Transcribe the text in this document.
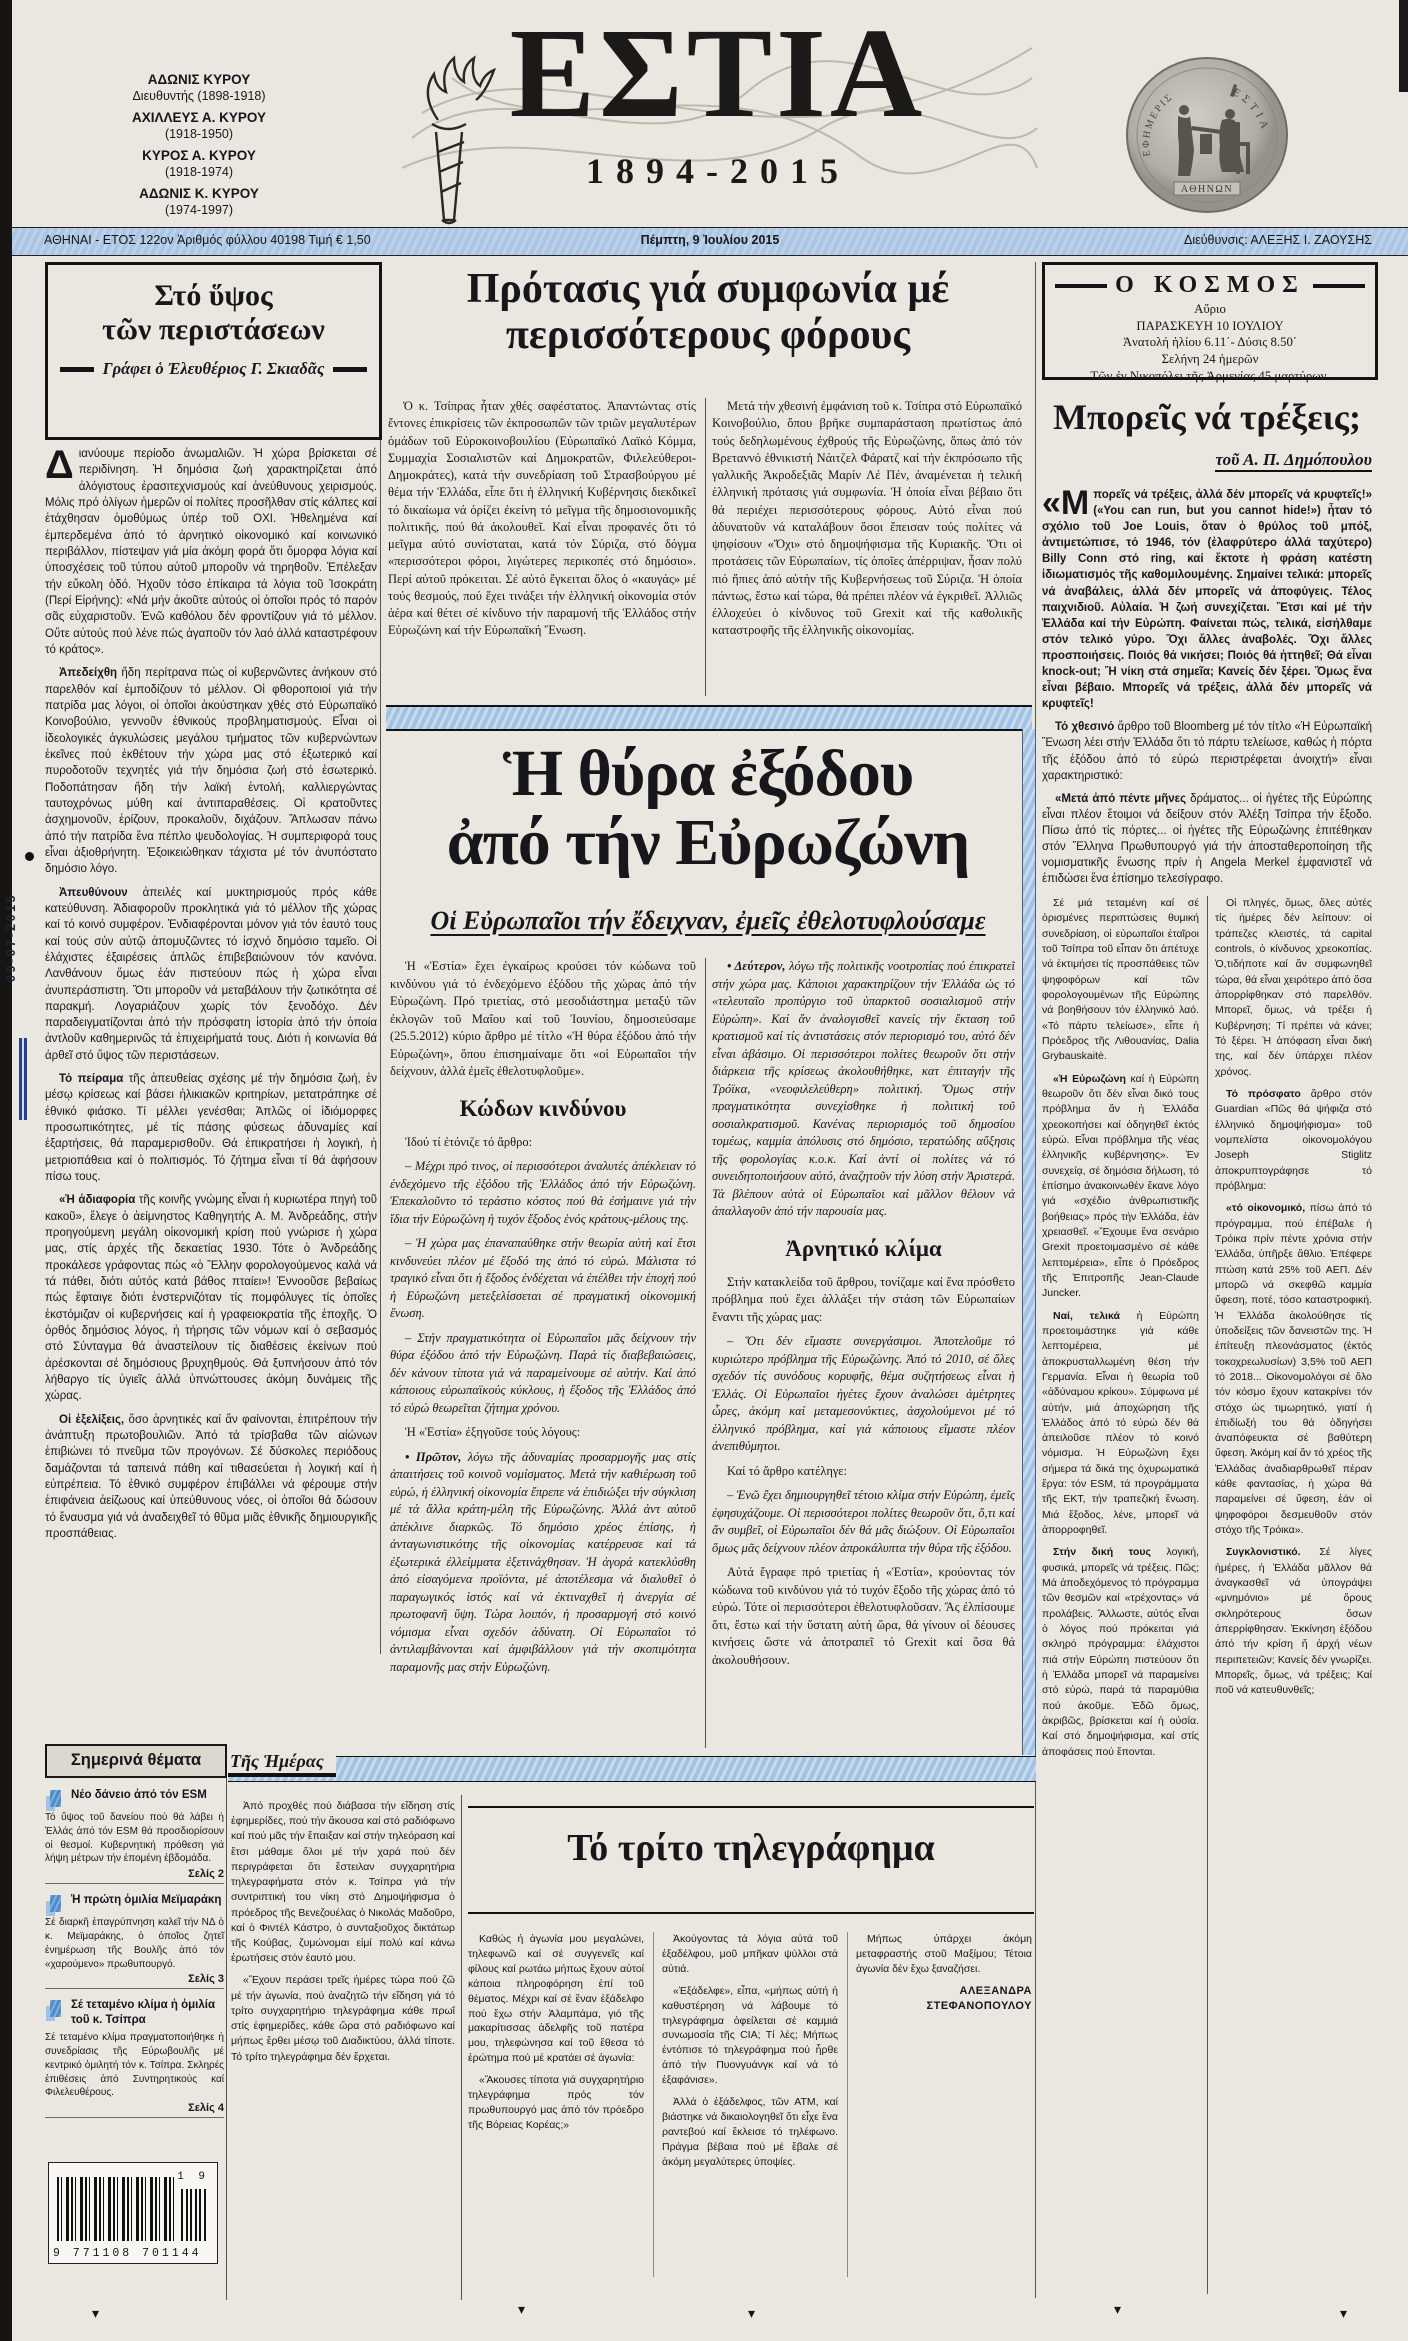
ΑΔΩΝΙΣ ΚΥΡΟΥ
Διευθυντής (1898-1918)
ΑΧΙΛΛΕΥΣ Α. ΚΥΡΟΥ
(1918-1950)
ΚΥΡΟΣ Α. ΚΥΡΟΥ
(1918-1974)
ΑΔΩΝΙΣ Κ. ΚΥΡΟΥ
(1974-1997)
ΕΣΤΙΑ
1894-2015	ΑΘΗΝΩΝ
ΕΦΗΜΕΡΙΣ	ΕΣΤΙΑ
ΑΘΗΝΑΙ - ΕΤΟΣ 122ον Ἀριθμός φύλλου 40198 Τιμή € 1,50	Πέμπτη, 9 Ἰουλίου 2015	Διεύθυνσις: ΑΛΕΞΗΣ Ι. ΖΑΟΥΣΗΣ
Στό ὕψος
τῶν περιστάσεων
Γράφει ὁ Ἐλευθέριος Γ. Σκιαδᾶς

Διανύουμε περίοδο ἀνωμαλιῶν. Ἡ χώρα βρίσκεται σέ περιδίνηση. Ἡ δημόσια ζωή χαρακτηρίζεται ἀπό ἀλόγιστους ἐρασιτεχνισμούς καί ἀνεύθυνους χειρισμούς. Μόλις πρό ὀλίγων ἡμερῶν οἱ πολίτες προσῆλθαν στίς κάλπες καί ἐτάχθησαν ὁμοθύμως ὑπέρ τοῦ ΟΧΙ. Ἠθελημένα καί ἐμπερδεμένα ἀπό τό ἀρνητικό οἰκονομικό καί κοινωνικό περιβάλλον, πίστεψαν γιά μία ἀκόμη φορά ὅτι ὄμορφα λόγια καί ὑποσχέσεις τοῦ τύπου αὐτοῦ μποροῦν νά τηρηθοῦν. Ἐπέλεξαν τήν εὔκολη ὁδό. Ἠχοῦν τόσο ἐπίκαιρα τά λόγια τοῦ Ἰσοκράτη (Περί Εἰρήνης): «Νά μήν ἀκοῦτε αὐτούς οἱ ὁποῖοι πρός τό παρόν σᾶς εὐχαριστοῦν. Ἐνῶ καθόλου δέν φροντίζουν γιά τό μέλλον. Οὔτε αὐτούς πού λένε πώς ἀγαποῦν τόν λαό ἀλλά καταστρέφουν τό κράτος».

Ἀπεδείχθη ἤδη περίτρανα πώς οἱ κυβερνῶντες ἀνήκουν στό παρελθόν καί ἐμποδίζουν τό μέλλον. Οἱ φθοροποιοί γιά τήν πατρίδα μας λόγοι, οἱ ὁποῖοι ἀκούστηκαν χθές στό Εὐρωπαϊκό Κοινοβούλιο, γεννοῦν ἐθνικούς προβληματισμούς. Εἶναι οἱ ἰδεολογικές ἀγκυλώσεις μεγάλου τμήματος τῶν κυβερνώντων ἐκεῖνες πού ἐκθέτουν τήν χώρα μας στό ἐξωτερικό καί πυροδοτοῦν τεχνητές γιά τήν δημόσια ζωή στό ἐσωτερικό. Ποδοπάτησαν ἤδη τήν λαϊκή ἐντολή, καλλιεργώντας ταυτοχρόνως μύθη καί ἀντιπαραθέσεις. Οἱ κρατοῦντες ἀσχημονοῦν, ἐρίζουν, προκαλοῦν, διχάζουν. Ἅπλωσαν πάνω ἀπό τήν πατρίδα ἕνα πέπλο ψευδολογίας. Ἡ συμπεριφορά τους εἶναι ἀξιοθρήνητη. Ἐξοικειώθηκαν τάχιστα μέ τόν ἀνυπόστατο δημόσιο λόγο.

Ἀπευθύνουν ἀπειλές καί μυκτηρισμούς πρός κάθε κατεύθυνση. Ἀδιαφοροῦν προκλητικά γιά τό μέλλον τῆς χώρας καί τό κοινό συμφέρον. Ἐνδιαφέρονται μόνον γιά τόν ἑαυτό τους καί τούς σύν αὐτῷ ἀπομυζῶντες τό ἰσχνό δημόσιο ταμεῖο. Οἱ ἐλάχιστες ἐξαιρέσεις ἁπλῶς ἐπιβεβαιώνουν τόν κανόνα. Λανθάνουν ὅμως ἐάν πιστεύουν πώς ἡ χώρα εἶναι ἀνυπεράσπιστη. Ὅτι μποροῦν νά μεταβάλουν τήν ζωτικότητα σέ παρακμή. Λογαριάζουν χωρίς τόν ξενοδόχο. Δέν παραδειγματίζονται ἀπό τήν πρόσφατη ἱστορία ἀπό τήν ὁποία ἀντλοῦν καθημερινῶς τά ἐπιχειρήματά τους. Διότι ἡ κοινωνία θά ἀρθεῖ στό ὕψος τῶν περιστάσεων.

Τό πείραμα τῆς ἀπευθείας σχέσης μέ τήν δημόσια ζωή, ἐν μέσῳ κρίσεως καί βάσει ἡλικιακῶν κριτηρίων, μετατράπηκε σέ ἐθνικό φιάσκο. Τί μέλλει γενέσθαι; Ἁπλῶς οἱ ἰδιόμορφες προσωπικότητες, μέ τίς πάσης φύσεως ἀδυναμίες καί ἐξαρτήσεις, θά παραμερισθοῦν. Θά ἐπικρατήσει ἡ λογική, ἡ μετριοπάθεια καί ὁ πολιτισμός. Τό ζήτημα εἶναι τί θά ἀφήσουν πίσω τους.

«Ἡ ἀδιαφορία τῆς κοινῆς γνώμης εἶναι ἡ κυριωτέρα πηγή τοῦ κακοῦ», ἔλεγε ὁ ἀείμνηστος Καθηγητής Α. Μ. Ἀνδρεάδης, στήν προηγούμενη μεγάλη οἰκονομική κρίση πού γνώρισε ἡ χώρα μας, στίς ἀρχές τῆς δεκαετίας 1930. Τότε ὁ Ἀνδρεάδης προκάλεσε γράφοντας πώς «ὁ Ἕλλην φορολογούμενος καλά νά τά πάθει, διότι αὐτός κατά βάθος πταίει»! Ἐννοοῦσε βεβαίως πώς ἔφταιγε διότι ἐνστερνιζόταν τίς πομφόλυγες τίς ὁποῖες ἐκστόμιζαν οἱ κυβερνήσεις καί ἡ γραφειοκρατία τῆς ἐποχῆς. Ὁ ὀρθός δημόσιος λόγος, ἡ τήρησις τῶν νόμων καί ὁ σεβασμός στό Σύνταγμα θά ἀναστείλουν τίς διαθέσεις ἐκείνων πού ἀρέσκονται σέ δημόσιους βρυχηθμούς. Θά ξυπνήσουν ἀπό τόν λήθαργο τίς ὑγιεῖς ἀλλά ὑπνώττουσες ἀκόμη δυνάμεις τῆς χώρας.

Οἱ ἐξελίξεις, ὅσο ἀρνητικές καί ἄν φαίνονται, ἐπιτρέπουν τήν ἀνάπτυξη πρωτοβουλιῶν. Ἀπό τά τρίσβαθα τῶν αἰώνων ἐπιβιώνει τό πνεῦμα τῶν προγόνων. Σέ δύσκολες περιόδους δαμάζονται τά ταπεινά πάθη καί τιθασεύεται ἡ λογική καί ἡ εὐπρέπεια. Τό ἐθνικό συμφέρον ἐπιβάλλει νά φέρουμε στήν ἐπιφάνεια ἀείζωους καί ὑπεύθυνους νόες, οἱ ὁποῖοι θά δώσουν τό ἔναυσμα γιά νά ἀναδειχθεῖ τό θῦμα μιᾶς ἐθνικῆς δημιουργικῆς προσπάθειας.

09-07-2015
Πρότασις γιά συμφωνία μέ περισσότερους φόρους

Ὁ κ. Τσίπρας ἦταν χθές σαφέστατος. Ἀπαντώντας στίς ἔντονες ἐπικρίσεις τῶν ἐκπροσωπῶν τῶν τριῶν μεγαλυτέρων ὁμάδων τοῦ Εὐροκοινοβουλίου (Εὐρωπαϊκό Λαϊκό Κόμμα, Συμμαχία Σοσιαλιστῶν καί Δημοκρατῶν, Φιλελεύθεροι-Δημοκράτες), κατά τήν συνεδρίαση τοῦ Στρασβούργου μέ θέμα τήν Ἑλλάδα, εἶπε ὅτι ἡ ἑλληνική Κυβέρνησις διεκδικεῖ τό δικαίωμα νά ὁρίζει ἐκείνη τό μεῖγμα τῆς δημοσιονομικῆς πολιτικῆς, πού θά ἀκολουθεῖ. Καί εἶναι προφανές ὅτι τό μεῖγμα αὐτό συνίσταται, κατά τόν Σύριζα, στό δόγμα «περισσότεροι φόροι, λιγώτερες περικοπές στό δημόσιο». Περί αὐτοῦ πρόκειται. Σέ αὐτό ἔγκειται ὅλος ὁ «καυγάς» μέ τούς θεσμούς, πού ἔχει τινάξει τήν ἑλληνική οἰκονομία στόν ἀέρα καί θέτει σέ κίνδυνο τήν παραμονή τῆς Ἑλλάδος στήν Εὐρωζώνη καί τήν Εὐρωπαϊκή Ἕνωση.

Μετά τήν χθεσινή ἐμφάνιση τοῦ κ. Τσίπρα στό Εὐρωπαϊκό Κοινοβούλιο, ὅπου βρῆκε συμπαράσταση πρωτίστως ἀπό τούς δεδηλωμένους ἐχθρούς τῆς Εὐρωζώνης, ὅπως ἀπό τόν Βρεταννό ἐθνικιστή Νάιτζελ Φάρατζ καί τήν ἐκπρόσωπο τῆς γαλλικῆς Ἀκροδεξιᾶς Μαρίν Λέ Πέν, ἀναμένεται ἡ τελική ἑλληνική πρότασις γιά συμφωνία. Ἡ ὁποία εἶναι βέβαιο ὅτι θά περιέχει περισσότερους φόρους. Αὐτό εἶναι πού ἀδυνατοῦν νά καταλάβουν ὅσοι ἔπεισαν τούς πολίτες νά ψηφίσουν «Ὄχι» στό δημοψήφισμα τῆς Κυριακῆς. Ὅτι οἱ προτάσεις τῶν Εὐρωπαίων, τίς ὁποῖες ἀπέρριψαν, ἦσαν πολύ πιό ἤπιες ἀπό αὐτήν τῆς Κυβερνήσεως τοῦ Σύριζα. Ἡ ὁποία πάντως, ἔστω καί τώρα, θά πρέπει πλέον νά ἐγκριθεῖ. Ἀλλιῶς ἐλλοχεύει ὁ κίνδυνος τοῦ Grexit καί τῆς καθολικῆς καταστροφῆς τῆς ἑλληνικῆς οἰκονομίας.

Ἡ θύρα ἐξόδου
ἀπό τήν Εὐρωζώνη
Οἱ Εὐρωπαῖοι τήν ἔδειχναν, ἐμεῖς ἐθελοτυφλούσαμε

Ἡ «Ἑστία» ἔχει ἐγκαίρως κρούσει τόν κώδωνα τοῦ κινδύνου γιά τό ἐνδεχόμενο ἐξόδου τῆς χώρας ἀπό τήν Εὐρωζώνη. Πρό τριετίας, στό μεσοδιάστημα μεταξύ τῶν ἐκλογῶν τοῦ Μαΐου καί τοῦ Ἰουνίου, δημοσιεύσαμε (25.5.2012) κύριο ἄρθρο μέ τίτλο «Ἡ θύρα ἐξόδου ἀπό τήν Εὐρωζώνη», ὅπου ἐπισημαίναμε ὅτι «οἱ Εὐρωπαῖοι τήν δείχνουν, ἀλλά ἐμεῖς ἐθελοτυφλοῦμε».

Κώδων κινδύνου

Ἰδού τί ἐτόνιζε τό ἄρθρο:

– Μέχρι πρό τινος, οἱ περισσότεροι ἀναλυτές ἀπέκλειαν τό ἐνδεχόμενο τῆς ἐξόδου τῆς Ἑλλάδος ἀπό τήν Εὐρωζώνη. Ἐπεκαλοῦντο τό τεράστιο κόστος πού θά ἐσήμαινε γιά τήν ἴδια τήν Εὐρωζώνη ἡ τυχόν ἔξοδος ἑνός κράτους-μέλους της.

– Ἡ χώρα μας ἐπαναπαύθηκε στήν θεωρία αὐτή καί ἔτσι κινδυνεύει πλέον μέ ἔξοδό της ἀπό τό εὐρώ. Μάλιστα τό τραγικό εἶναι ὅτι ἡ ἔξοδος ἐνδέχεται νά ἐπέλθει τήν ἐποχή πού ἡ Εὐρωζώνη μετεξελίσσεται σέ πραγματική οἰκονομική ἕνωση.

– Στήν πραγματικότητα οἱ Εὐρωπαῖοι μᾶς δείχνουν τήν θύρα ἐξόδου ἀπό τήν Εὐρωζώνη. Παρά τίς διαβεβαιώσεις, δέν κάνουν τίποτα γιά νά παραμείνουμε σέ αὐτήν. Καί ἀπό κάποιους εὐρωπαϊκούς κύκλους, ἡ ἔξοδος τῆς Ἑλλάδος ἀπό τό εὐρώ θεωρεῖται ζήτημα χρόνου.

Ἡ «Ἑστία» ἐξηγοῦσε τούς λόγους:

• Πρῶτον, λόγω τῆς ἀδυναμίας προσαρμογῆς μας στίς ἀπαιτήσεις τοῦ κοινοῦ νομίσματος. Μετά τήν καθιέρωση τοῦ εὐρώ, ἡ ἑλληνική οἰκονομία ἔπρεπε νά ἐπιδιώξει τήν σύγκλιση μέ τά ἄλλα κράτη-μέλη τῆς Εὐρωζώνης. Ἀλλά ἀντ αὐτοῦ ἀπέκλινε διαρκῶς. Τό δημόσιο χρέος ἐπίσης, ἡ ἀνταγωνιστικότης τῆς οἰκονομίας κατέρρευσε καί τά ἐξωτερικά ἐλλείμματα ἐξετινάχθησαν. Ἡ ἀγορά κατεκλύσθη ἀπό εἰσαγόμενα προϊόντα, μέ ἀποτέλεσμα νά διαλυθεῖ ὁ παραγωγικός ἱστός καί νά ἐκτιναχθεῖ ἡ ἀνεργία σέ πρωτοφανῆ ὕψη. Τώρα λοιπόν, ἡ προσαρμογή στό κοινό νόμισμα εἶναι σχεδόν ἀδύνατη. Οἱ Εὐρωπαῖοι τό ἀντιλαμβάνονται καί ἀμφιβάλλουν γιά τήν σκοπιμότητα παραμονῆς μας στήν Εὐρωζώνη.

• Δεύτερον, λόγω τῆς πολιτικῆς νοοτροπίας πού ἐπικρατεῖ στήν χώρα μας. Κάποιοι χαρακτηρίζουν τήν Ἑλλάδα ὡς τό «τελευταῖο προπύργιο τοῦ ὑπαρκτοῦ σοσιαλισμοῦ στήν Εὐρώπη». Καί ἄν ἀναλογισθεῖ κανείς τήν ἔκταση τοῦ κρατισμοῦ καί τίς ἀντιστάσεις στόν περιορισμό του, αὐτό δέν εἶναι ἀβάσιμο. Οἱ περισσότεροι πολίτες θεωροῦν ὅτι στήν διάρκεια τῆς κρίσεως ἀκολουθήθηκε, κατ ἐπιταγήν τῆς Τρόϊκα, «νεοφιλελεύθερη» πολιτική. Ὅμως στήν πραγματικότητα συνεχίσθηκε ἡ πολιτική τοῦ σοσιαλκρατισμοῦ. Κανένας περιορισμός τοῦ δημοσίου τομέως, καμμία ἀπόλυσις στό δημόσιο, τερατώδης αὔξησις τῆς φορολογίας κ.ο.κ. Καί ἀντί οἱ πολίτες νά τό συνειδητοποιήσουν αὐτό, ἀναζητοῦν τήν λύση στήν Ἀριστερά. Τά βλέπουν αὐτά οἱ Εὐρωπαῖοι καί μᾶλλον θέλουν νά ἀπαλλαγοῦν ἀπό τήν παρουσία μας.

Ἀρνητικό κλίμα

Στήν κατακλείδα τοῦ ἄρθρου, τονίζαμε καί ἕνα πρόσθετο πρόβλημα πού ἔχει ἀλλάξει τήν στάση τῶν Εὐρωπαίων ἔναντι τῆς χώρας μας:

– Ὅτι δέν εἴμαστε συνεργάσιμοι. Ἀποτελοῦμε τό κυριώτερο πρόβλημα τῆς Εὐρωζώνης. Ἀπό τό 2010, σέ ὅλες σχεδόν τίς συνόδους κορυφῆς, θέμα συζητήσεως εἶναι ἡ Ἑλλάς. Οἱ Εὐρωπαῖοι ἡγέτες ἔχουν ἀναλώσει ἀμέτρητες ὧρες, ἀκόμη καί μεταμεσονύκτιες, ἀσχολούμενοι μέ τό ἑλληνικό πρόβλημα, καί γιά κάποιους εἴμαστε πλέον ἀνεπιθύμητοι.

Καί τό ἄρθρο κατέληγε:

– Ἐνῶ ἔχει δημιουργηθεῖ τέτοιο κλίμα στήν Εὐρώπη, ἐμεῖς ἐφησυχάζουμε. Οἱ περισσότεροι πολίτες θεωροῦν ὅτι, ὅ,τι καί ἄν συμβεῖ, οἱ Εὐρωπαῖοι δέν θά μᾶς διώξουν. Οἱ Εὐρωπαῖοι ὅμως μᾶς δείχνουν πλέον ἀπροκάλυπτα τήν θύρα τῆς ἐξόδου.

Αὐτά ἔγραφε πρό τριετίας ἡ «Ἑστία», κρούοντας τόν κώδωνα τοῦ κινδύνου γιά τό τυχόν ἔξοδο τῆς χώρας ἀπό τό εὐρώ. Τότε οἱ περισσότεροι ἐθελοτυφλοῦσαν. Ἄς ἐλπίσουμε ὅτι, ἔστω καί τήν ὕστατη αὐτή ὥρα, θά γίνουν οἱ δέουσες κινήσεις ὥστε νά ἀποτραπεῖ τό Grexit καί ὅσα θά ἀκολουθήσουν.

Ο ΚΟΣΜΟΣ

Αὔριο

ΠΑΡΑΣΚΕΥΗ 10 ΙΟΥΛΙΟΥ

Ἀνατολή ἡλίου 6.11΄- Δύσις 8.50΄

Σελήνη 24 ἡμερῶν

Τῶν ἐν Νικοπόλει τῆς Ἀρμενίας 45 μαρτύρων.

Μπορεῖς νά τρέξεις;
τοῦ Α. Π. Δημόπουλου

«Μπορεῖς νά τρέξεις, ἀλλά δέν μπορεῖς νά κρυφτεῖς!» («You can run, but you cannot hide!») ἦταν τό σχόλιο τοῦ Joe Louis, ὅταν ὁ θρύλος τοῦ μπόξ, ἀντιμετώπισε, τό 1946, τόν (ἐλαφρύτερο ἀλλά ταχύτερο) Billy Conn στό ring, καί ἔκτοτε ἡ φράση κατέστη ἰδιωματισμός τῆς καθομιλουμένης. Σημαίνει τελικά: μπορεῖς νά ἀναβάλεις, ἀλλά δέν μπορεῖς νά ἀποφύγεις. Τέλος παιχνιδιοῦ. Αὐλαία. Ἡ ζωή συνεχίζεται. Ἔτσι καί μέ τήν Ἑλλάδα καί τήν Εὐρώπη. Φαίνεται πώς, τελικά, εἰσήλθαμε στόν τελικό γύρο. Ὄχι ἄλλες ἀναβολές. Ὄχι ἄλλες προσποιήσεις. Ποιός θά νικήσει; Ποιός θά ἡττηθεῖ; Θά εἶναι knock-out; Ἤ νίκη στά σημεῖα; Κανείς δέν ξέρει. Ὅμως ἕνα εἶναι βέβαιο. Μπορεῖς νά τρέξεις, ἀλλά δέν μπορεῖς νά κρυφτεῖς!

Τό χθεσινό ἄρθρο τοῦ Bloomberg μέ τόν τίτλο «Ἡ Εὐρωπαϊκή Ἕνωση λέει στήν Ἑλλάδα ὅτι τό πάρτυ τελείωσε, καθώς ἡ πόρτα τῆς ἐξόδου ἀπό τό εὐρώ περιστρέφεται ἀνοιχτή» εἶναι χαρακτηριστικό:

«Μετά ἀπό πέντε μῆνες δράματος... οἱ ἡγέτες τῆς Εὐρώπης εἶναι πλέον ἕτοιμοι νά δείξουν στόν Ἀλέξη Τσίπρα τήν ἔξοδο. Πίσω ἀπό τίς πόρτες... οἱ ἡγέτες τῆς Εὐρωζώνης ἐπιτέθηκαν στόν Ἕλληνα Πρωθυπουργό γιά τήν ἀποσταθεροποίηση τῆς νομισματικῆς ἕνωσης πρίν ἡ Angela Merkel ἐμφανιστεῖ νά ἐπιδώσει ἕνα ἐπίσημο τελεσίγραφο.

Σέ μιά τεταμένη καί σέ ὁρισμένες περιπτώσεις θυμική συνεδρίαση, οἱ εὐρωπαῖοι ἑταῖροι τοῦ Τσίπρα τοῦ εἶπαν ὅτι ἀπέτυχε νά ἐκτιμήσει τίς προσπάθειες τῶν ψηφοφόρων καί τῶν φορολογουμένων τῆς Εὐρώπης νά βοηθήσουν τόν ἑλληνικό λαό. «Τό πάρτυ τελείωσε», εἶπε ἡ Πρόεδρος τῆς Λιθουανίας, Dalia Grybauskaitė.

«Ἡ Εὐρωζώνη καί ἡ Εὐρώπη θεωροῦν ὅτι δέν εἶναι δικό τους πρόβλημα ἄν ἡ Ἑλλάδα χρεοκοπήσει καί ὁδηγηθεῖ ἐκτός εὐρώ. Εἶναι πρόβλημα τῆς νέας ἑλληνικῆς κυβέρνησης». Ἐν συνεχείᾳ, σέ δημόσια δήλωση, τό ἐπίσημο ἀνακοινωθέν ἔκανε λόγο γιά «σχέδιο ἀνθρωπιστικῆς βοήθειας» πρός τήν Ἑλλάδα, ἐάν χρειασθεῖ. «Ἔχουμε ἕνα σενάριο Grexit προετοιμασμένο σέ κάθε λεπτομέρεια», εἶπε ὁ Πρόεδρος τῆς Ἐπιτροπῆς Jean-Claude Juncker.

Ναί, τελικά ἡ Εὐρώπη προετοιμάστηκε γιά κάθε λεπτομέρεια, μέ ἀποκρυσταλλωμένη θέση τήν Γερμανία. Εἶναι ἡ θεωρία τοῦ «ἀδύναμου κρίκου». Σύμφωνα μέ αὐτήν, μιά ἀποχώρηση τῆς Ἑλλάδος ἀπό τό εὐρώ δέν θά ἀπειλοῦσε πλέον τό κοινό νόμισμα. Ἡ Εὐρωζώνη ἔχει σήμερα τά δικά της ὀχυρωματικά ἔργα: τόν ESM, τά προγράμματα τῆς ΕΚΤ, τήν τραπεζική ἕνωση. Μιά ἔξοδος, λένε, μπορεῖ νά ἀπορροφηθεῖ.

Στήν δική τους λογική, φυσικά, μπορεῖς νά τρέξεις. Πῶς; Μά ἀποδεχόμενος τό πρόγραμμα τῶν θεσμῶν καί «τρέχοντας» νά προλάβεις. Ἄλλωστε, αὐτός εἶναι ὁ λόγος πού πρόκειται γιά σκληρό πρόγραμμα: ἐλάχιστοι πιά στήν Εὐρώπη πιστεύουν ὅτι ἡ Ἑλλάδα μπορεῖ νά παραμείνει στό εὐρώ, παρά τά παραμύθια πού ἀκοῦμε. Ἐδῶ ὅμως, ἀκριβῶς, βρίσκεται καί ἡ οὐσία. Καί στό δημοψήφισμα, καί στίς ἀποφάσεις πού ἕπονται.

Οἱ πληγές, ὅμως, ὅλες αὐτές τίς ἡμέρες δέν λείπουν: οἱ τράπεζες κλειστές, τά capital controls, ὁ κίνδυνος χρεοκοπίας. Ὁ,τιδήποτε καί ἄν συμφωνηθεῖ τώρα, θά εἶναι χειρότερο ἀπό ὅσα ἀπορρίφθηκαν στό παρελθόν. Μπορεῖ, ὅμως, νά τρέξει ἡ Κυβέρνηση; Τί πρέπει νά κάνει; Τό ξέρει. Ἡ ἀπόφαση εἶναι δική της, καί δέν ὑπάρχει πλέον χρόνος.

Τό πρόσφατο ἄρθρο στόν Guardian «Πῶς θά ψήφιζα στό ἑλληνικό δημοψήφισμα» τοῦ νομπελίστα οἰκονομολόγου Joseph Stiglitz ἀποκρυπτογράφησε τό πρόβλημα:

«τό οἰκονομικό, πίσω ἀπό τό πρόγραμμα, πού ἐπέβαλε ἡ Τρόικα πρίν πέντε χρόνια στήν Ἑλλάδα, ὑπῆρξε ἄθλιο. Ἐπέφερε πτώση κατά 25% τοῦ ΑΕΠ. Δέν μπορῶ νά σκεφθῶ καμμία ὕφεση, ποτέ, τόσο καταστροφική. Ἡ Ἑλλάδα ἀκολούθησε τίς ὑποδείξεις τῶν δανειστῶν της. Ἡ ἐπίτευξη πλεονάσματος (ἐκτός τοκοχρεωλυσίων) 3,5% τοῦ ΑΕΠ τό 2018... Οἰκονομολόγοι σέ ὅλο τόν κόσμο ἔχουν κατακρίνει τόν στόχο ὡς τιμωρητικό, γιατί ἡ ἐπιδίωξή του θά ὁδηγήσει ἀναπόφευκτα σέ βαθύτερη ὕφεση. Ἀκόμη καί ἄν τό χρέος τῆς Ἑλλάδας ἀναδιαρθρωθεῖ πέραν κάθε φαντασίας, ἡ χώρα θά παραμείνει σέ ὕφεση, ἐάν οἱ ψηφοφόροι δεσμευθοῦν στόν στόχο τῆς Τρόικα».

Συγκλονιστικό. Σέ λίγες ἡμέρες, ἡ Ἑλλάδα μᾶλλον θά ἀναγκασθεῖ νά ὑπογράψει «μνημόνιο» μέ ὅρους σκληρότερους ὅσων ἀπερρίφθησαν. Ἐκκίνηση ἐξόδου ἀπό τήν κρίση ἤ ἀρχή νέων περιπετειῶν; Κανείς δέν γνωρίζει. Μπορεῖς, ὅμως, νά τρέξεις; Καί ποῦ νά κατευθυνθεῖς;

Σημερινά θέματα
Νέο δάνειο ἀπό τόν ESM
Τό ὕψος τοῦ δανείου πού θά λάβει ἡ Ἑλλάς ἀπό τόν ESM θά προσδιορίσουν οἱ θεσμοί. Κυβερνητική πρόθεση γιά λήψη μέτρων τήν ἑπομένη ἑβδομάδα.
Σελίς 2
Ἡ πρώτη ὁμιλία Μεϊμαράκη
Σέ διαρκῆ ἐπαγρύπνηση καλεῖ τήν ΝΔ ὁ κ. Μεϊμαράκης, ὁ ὁποῖος ζητεῖ ἐνημέρωση τῆς Βουλῆς ἀπό τόν «χαρούμενο» πρωθυπουργό.
Σελίς 3
Σέ τεταμένο κλίμα ἡ ὁμιλία τοῦ κ. Τσίπρα
Σέ τεταμένο κλίμα πραγματοποιήθηκε ἡ συνεδρίασις τῆς Εὐρωβουλῆς μέ κεντρικό ὁμιλητή τόν κ. Τσίπρα. Σκληρές ἐπιθέσεις ἀπό Συντηρητικούς καί Φιλελευθέρους.
Σελίς 4
1 9
9 771108 701144
Τῆς Ἡμέρας

Ἀπό προχθές πού διάβασα τήν εἴδηση στίς ἐφημερίδες, πού τήν ἄκουσα καί στό ραδιόφωνο καί πού μᾶς τήν ἔπαιξαν καί στήν τηλεόραση καί ἔτσι μάθαμε ὅλοι μέ τήν χαρά πού δέν περιγράφεται ὅτι ἔστειλαν συγχαρητήρια τηλεγραφήματα στόν κ. Τσίπρα γιά τήν συντριπτική του νίκη στό Δημοψήφισμα ὁ πρόεδρος τῆς Βενεζουέλας ὁ Νικολάς Μαδοῦρο, καί ὁ Φιντέλ Κάστρο, ὁ συνταξιοῦχος δικτάτωρ τῆς Κούβας, ζυμώνομαι εἰμί πολύ καί κάνω ἐρωτήσεις στόν ἑαυτό μου.

«Ἔχουν περάσει τρεῖς ἡμέρες τώρα πού ζῶ μέ τήν ἀγωνία, πού ἀναζητῶ τήν εἴδηση γιά τό τρίτο συγχαρητήριο τηλεγράφημα κάθε πρωΐ στίς ἐφημερίδες, κάθε ὥρα στό ραδιόφωνο καί μήπως ἔρθει μέσῳ τοῦ Διαδικτύου, ἀλλά τίποτε. Τό τρίτο τηλεγράφημα δέν ἔρχεται.

Τό τρίτο τηλεγράφημα

Καθώς ἡ ἀγωνία μου μεγαλώνει, τηλεφωνῶ καί σέ συγγενεῖς καί φίλους καί ρωτάω μήπως ἔχουν αὐτοί κάποια πληροφόρηση ἐπί τοῦ θέματος. Μέχρι καί σέ ἕναν ἐξάδελφο πού ἔχω στήν Ἀλαμπάμα, γιό τῆς μακαρίτισσας ἀδελφῆς τοῦ πατέρα μου, τηλεφώνησα καί τοῦ ἔθεσα τό ἐρώτημα πού μέ κρατάει σέ ἀγωνία:

«Ἄκουσες τίποτα γιά συγχαρητήριο τηλεγράφημα πρός τόν πρωθυπουργό μας ἀπό τόν πρόεδρο τῆς Βόρειας Κορέας;»

Ἀκούγοντας τά λόγια αὐτά τοῦ ἐξαδέλφου, μοῦ μπῆκαν ψύλλοι στά αὐτιά.

«Ἐξάδελφε», εἶπα, «μήπως αὐτή ἡ καθυστέρηση νά λάβουμε τό τηλεγράφημα ὀφείλεται σέ καμμιά συνωμοσία τῆς CIA; Τί λές; Μήπως ἐντόπισε τό τηλεγράφημα πού ἦρθε ἀπό τήν Πυονγυάνγκ καί νά τό ἐξαφάνισε».

Ἀλλά ὁ ἐξάδελφος, τῶν ΑΤΜ, καί βιάστηκε νά δικαιολογηθεῖ ὅτι εἶχε ἕνα ραντεβού καί ἔκλεισε τό τηλέφωνο. Πράγμα βέβαια πού μέ ἔβαλε σέ ἀκόμη μεγαλύτερες ὑποψίες.

Μήπως ὑπάρχει ἀκόμη μεταφραστής στοῦ Μαξίμου; Τέτοια ἀγωνία δέν ἔχω ξαναζήσει.

ΑΛΕΞΑΝΔΡΑ ΣΤΕΦΑΝΟΠΟΥΛΟΥ

▾	▾	▾	▾	▾
